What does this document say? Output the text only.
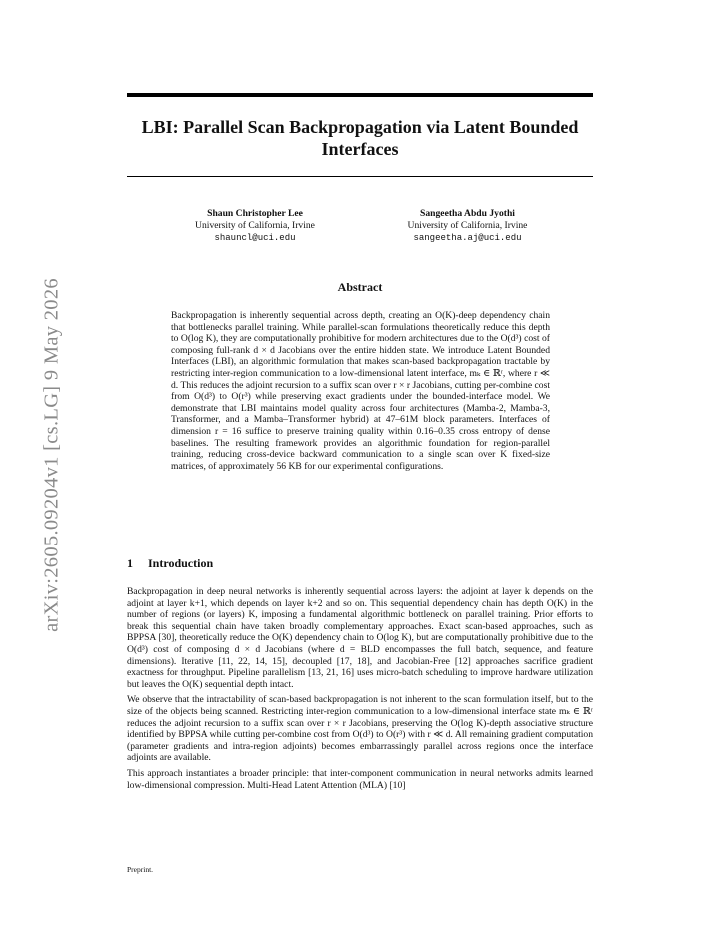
arXiv:2605.09204v1 [cs.LG] 9 May 2026
LBI: Parallel Scan Backpropagation via Latent Bounded Interfaces
Shaun Christopher Lee
University of California, Irvine
shauncl@uci.edu
Sangeetha Abdu Jyothi
University of California, Irvine
sangeetha.aj@uci.edu
Abstract

Backpropagation is inherently sequential across depth, creating an O(K)-deep dependency chain that bottlenecks parallel training. While parallel-scan formulations theoretically reduce this depth to O(log K), they are computationally prohibitive for modern architectures due to the O(d³) cost of composing full-rank d × d Jacobians over the entire hidden state. We introduce Latent Bounded Interfaces (LBI), an algorithmic formulation that makes scan-based backpropagation tractable by restricting inter-region communication to a low-dimensional latent interface, mₖ ∈ ℝʳ, where r ≪ d. This reduces the adjoint recursion to a suffix scan over r × r Jacobians, cutting per-combine cost from O(d³) to O(r³) while preserving exact gradients under the bounded-interface model. We demonstrate that LBI maintains model quality across four architectures (Mamba-2, Mamba-3, Transformer, and a Mamba–Transformer hybrid) at 47–61M block parameters. Interfaces of dimension r = 16 suffice to preserve training quality within 0.16–0.35 cross entropy of dense baselines. The resulting framework provides an algorithmic foundation for region-parallel training, reducing cross-device backward communication to a single scan over K fixed-size matrices, of approximately 56 KB for our experimental configurations.

1 Introduction

Backpropagation in deep neural networks is inherently sequential across layers: the adjoint at layer k depends on the adjoint at layer k+1, which depends on layer k+2 and so on. This sequential dependency chain has depth O(K) in the number of regions (or layers) K, imposing a fundamental algorithmic bottleneck on parallel training. Prior efforts to break this sequential chain have taken broadly complementary approaches. Exact scan-based approaches, such as BPPSA [30], theoretically reduce the O(K) dependency chain to O(log K), but are computationally prohibitive due to the O(d³) cost of composing d × d Jacobians (where d = BLD encompasses the full batch, sequence, and feature dimensions). Iterative [11, 22, 14, 15], decoupled [17, 18], and Jacobian-Free [12] approaches sacrifice gradient exactness for throughput. Pipeline parallelism [13, 21, 16] uses micro-batch scheduling to improve hardware utilization but leaves the O(K) sequential depth intact.

We observe that the intractability of scan-based backpropagation is not inherent to the scan formulation itself, but to the size of the objects being scanned. Restricting inter-region communication to a low-dimensional interface state mₖ ∈ ℝʳ reduces the adjoint recursion to a suffix scan over r × r Jacobians, preserving the O(log K)-depth associative structure identified by BPPSA while cutting per-combine cost from O(d³) to O(r³) with r ≪ d. All remaining gradient computation (parameter gradients and intra-region adjoints) becomes embarrassingly parallel across regions once the interface adjoints are available.

This approach instantiates a broader principle: that inter-component communication in neural networks admits learned low-dimensional compression. Multi-Head Latent Attention (MLA) [10]

Preprint.
